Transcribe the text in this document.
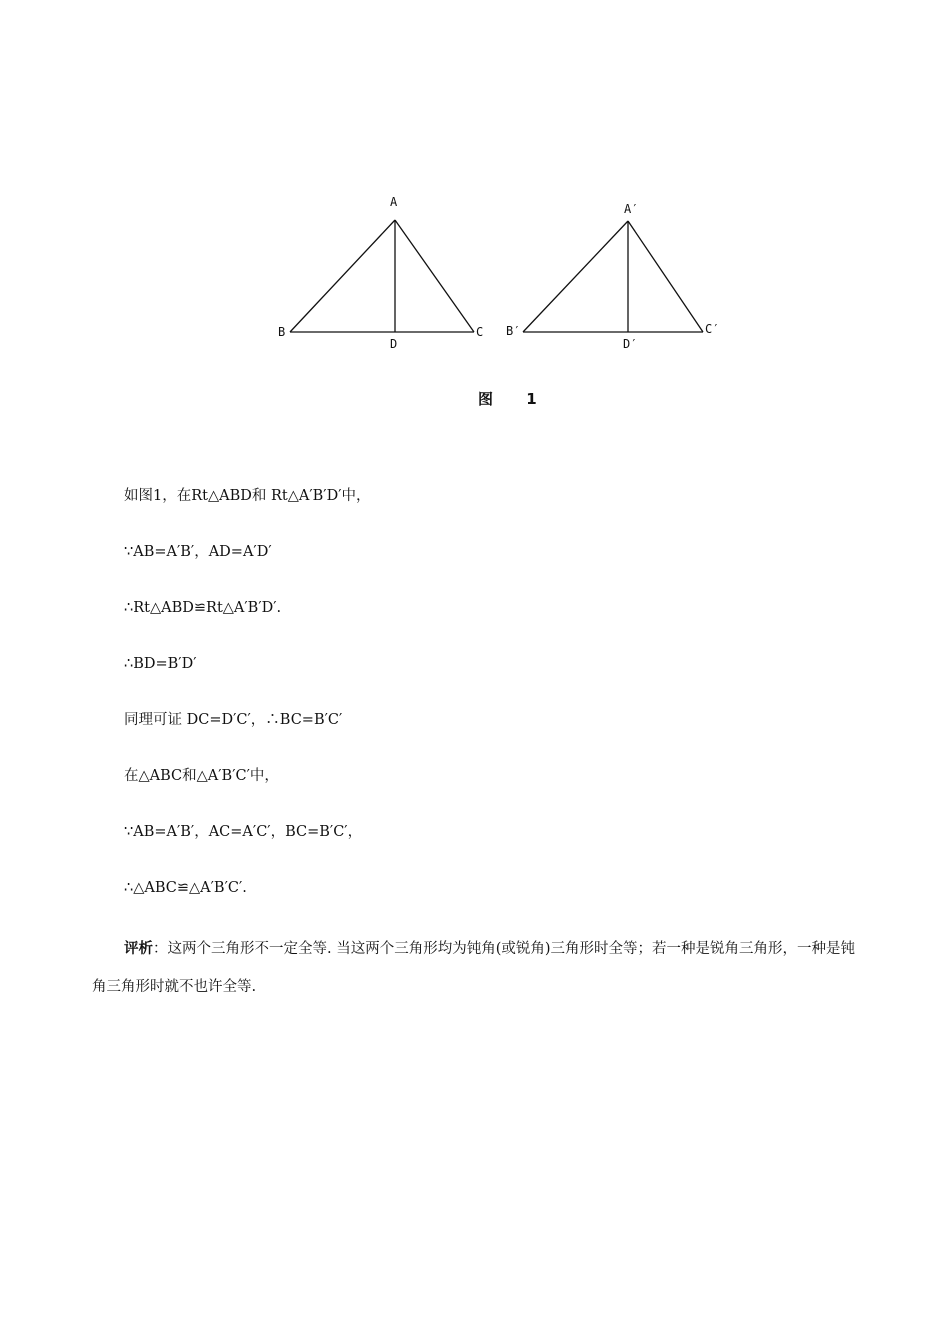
A
B	C
D
A′
B′	C′
D′
图 1
如图1，在Rt△ABD和 Rt△A′B′D′中，
∵AB=A′B′，AD=A′D′
∴Rt△ABD≌Rt△A′B′D′.
∴BD=B′D′
同理可证 DC=D′C′，∴BC=B′C′
在△ABC和△A′B′C′中，
∵AB=A′B′，AC=A′C′，BC=B′C′，
∴△ABC≌△A′B′C′.
评析：这两个三角形不一定全等. 当这两个三角形均为钝角(或锐角)三角形时全等；若一种是锐角三角形，一种是钝角三角形时就不也许全等.
